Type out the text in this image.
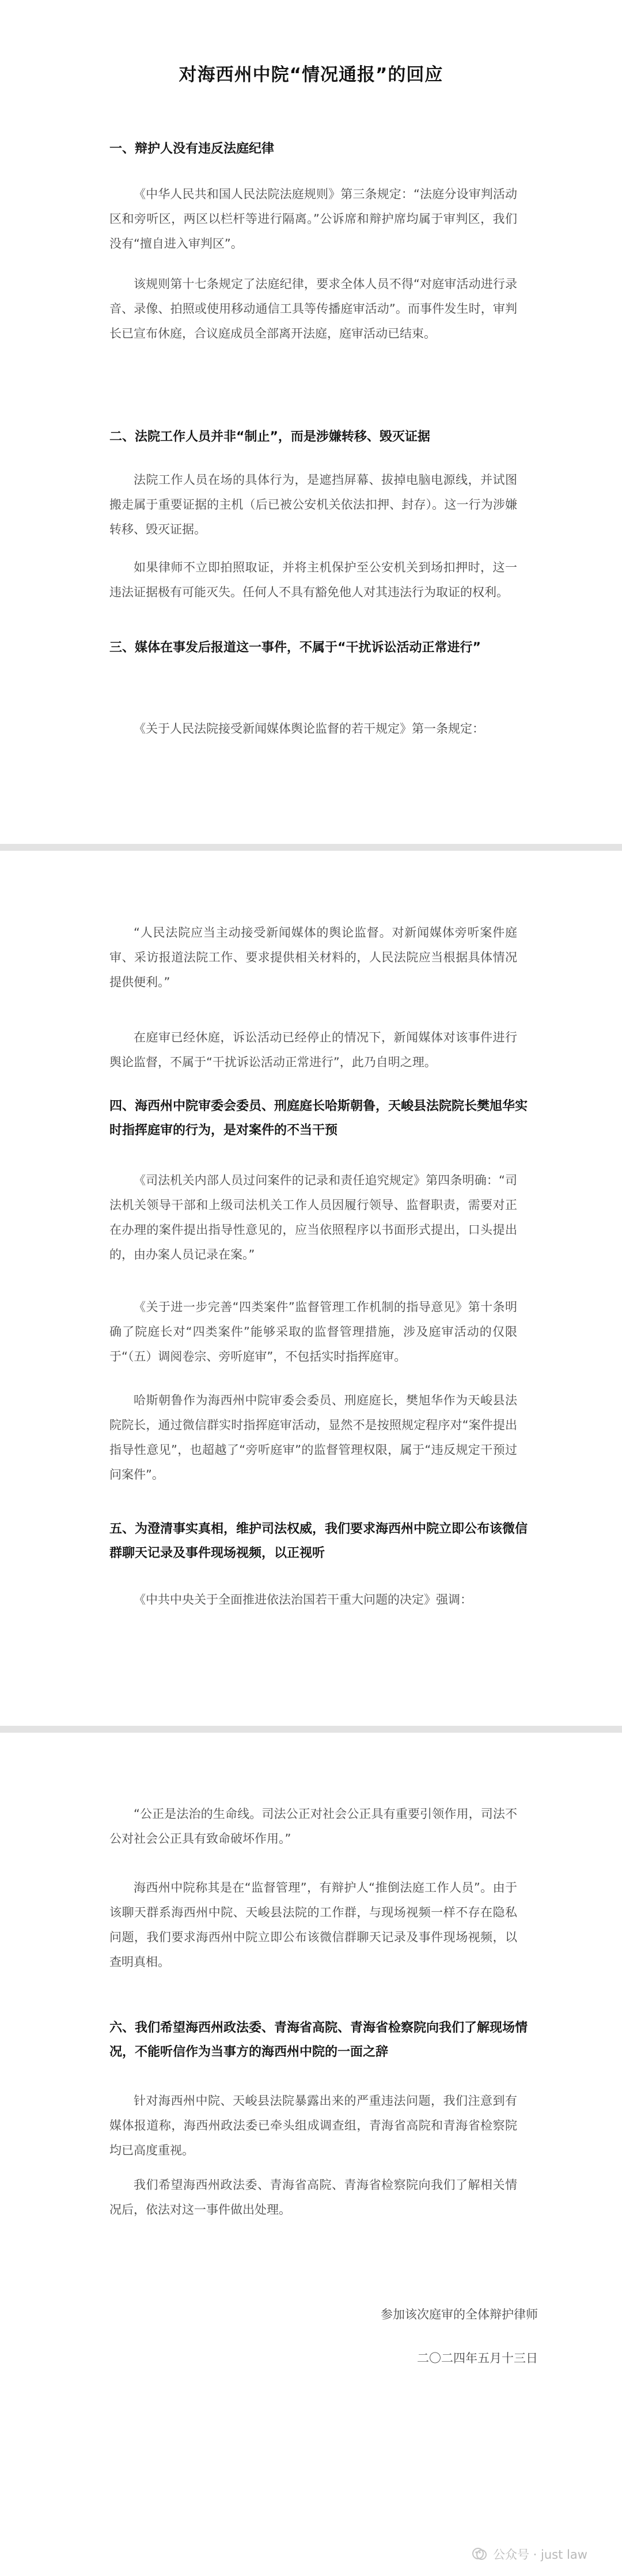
对海西州中院“情况通报”的回应
一、辩护人没有违反法庭纪律
《中华人民共和国人民法院法庭规则》第三条规定：“法庭分设审判活动区和旁听区，两区以栏杆等进行隔离。”公诉席和辩护席均属于审判区，我们没有“擅自进入审判区”。
该规则第十七条规定了法庭纪律，要求全体人员不得“对庭审活动进行录音、录像、拍照或使用移动通信工具等传播庭审活动”。而事件发生时，审判长已宣布休庭，合议庭成员全部离开法庭，庭审活动已结束。
二、法院工作人员并非“制止”，而是涉嫌转移、毁灭证据
法院工作人员在场的具体行为，是遮挡屏幕、拔掉电脑电源线，并试图搬走属于重要证据的主机（后已被公安机关依法扣押、封存）。这一行为涉嫌转移、毁灭证据。
如果律师不立即拍照取证，并将主机保护至公安机关到场扣押时，这一违法证据极有可能灭失。任何人不具有豁免他人对其违法行为取证的权利。
三、媒体在事发后报道这一事件，不属于“干扰诉讼活动正常进行”
《关于人民法院接受新闻媒体舆论监督的若干规定》第一条规定：
“人民法院应当主动接受新闻媒体的舆论监督。对新闻媒体旁听案件庭审、采访报道法院工作、要求提供相关材料的，人民法院应当根据具体情况提供便利。”
在庭审已经休庭，诉讼活动已经停止的情况下，新闻媒体对该事件进行舆论监督，不属于“干扰诉讼活动正常进行”，此乃自明之理。
四、海西州中院审委会委员、刑庭庭长哈斯朝鲁，天峻县法院院长樊旭华实时指挥庭审的行为，是对案件的不当干预
《司法机关内部人员过问案件的记录和责任追究规定》第四条明确：“司法机关领导干部和上级司法机关工作人员因履行领导、监督职责，需要对正在办理的案件提出指导性意见的，应当依照程序以书面形式提出，口头提出的，由办案人员记录在案。”
《关于进一步完善“四类案件”监督管理工作机制的指导意见》第十条明确了院庭长对“四类案件”能够采取的监督管理措施，涉及庭审活动的仅限于“（五）调阅卷宗、旁听庭审”，不包括实时指挥庭审。
哈斯朝鲁作为海西州中院审委会委员、刑庭庭长，樊旭华作为天峻县法院院长，通过微信群实时指挥庭审活动，显然不是按照规定程序对“案件提出指导性意见”，也超越了“旁听庭审”的监督管理权限，属于“违反规定干预过问案件”。
五、为澄清事实真相，维护司法权威，我们要求海西州中院立即公布该微信群聊天记录及事件现场视频，以正视听
《中共中央关于全面推进依法治国若干重大问题的决定》强调：
“公正是法治的生命线。司法公正对社会公正具有重要引领作用，司法不公对社会公正具有致命破坏作用。”
海西州中院称其是在“监督管理”，有辩护人“推倒法庭工作人员”。由于该聊天群系海西州中院、天峻县法院的工作群，与现场视频一样不存在隐私问题，我们要求海西州中院立即公布该微信群聊天记录及事件现场视频，以查明真相。
六、我们希望海西州政法委、青海省高院、青海省检察院向我们了解现场情况，不能听信作为当事方的海西州中院的一面之辞
针对海西州中院、天峻县法院暴露出来的严重违法问题，我们注意到有媒体报道称，海西州政法委已牵头组成调查组，青海省高院和青海省检察院均已高度重视。
我们希望海西州政法委、青海省高院、青海省检察院向我们了解相关情况后，依法对这一事件做出处理。
参加该次庭审的全体辩护律师
二〇二四年五月十三日
公众号 · just law
